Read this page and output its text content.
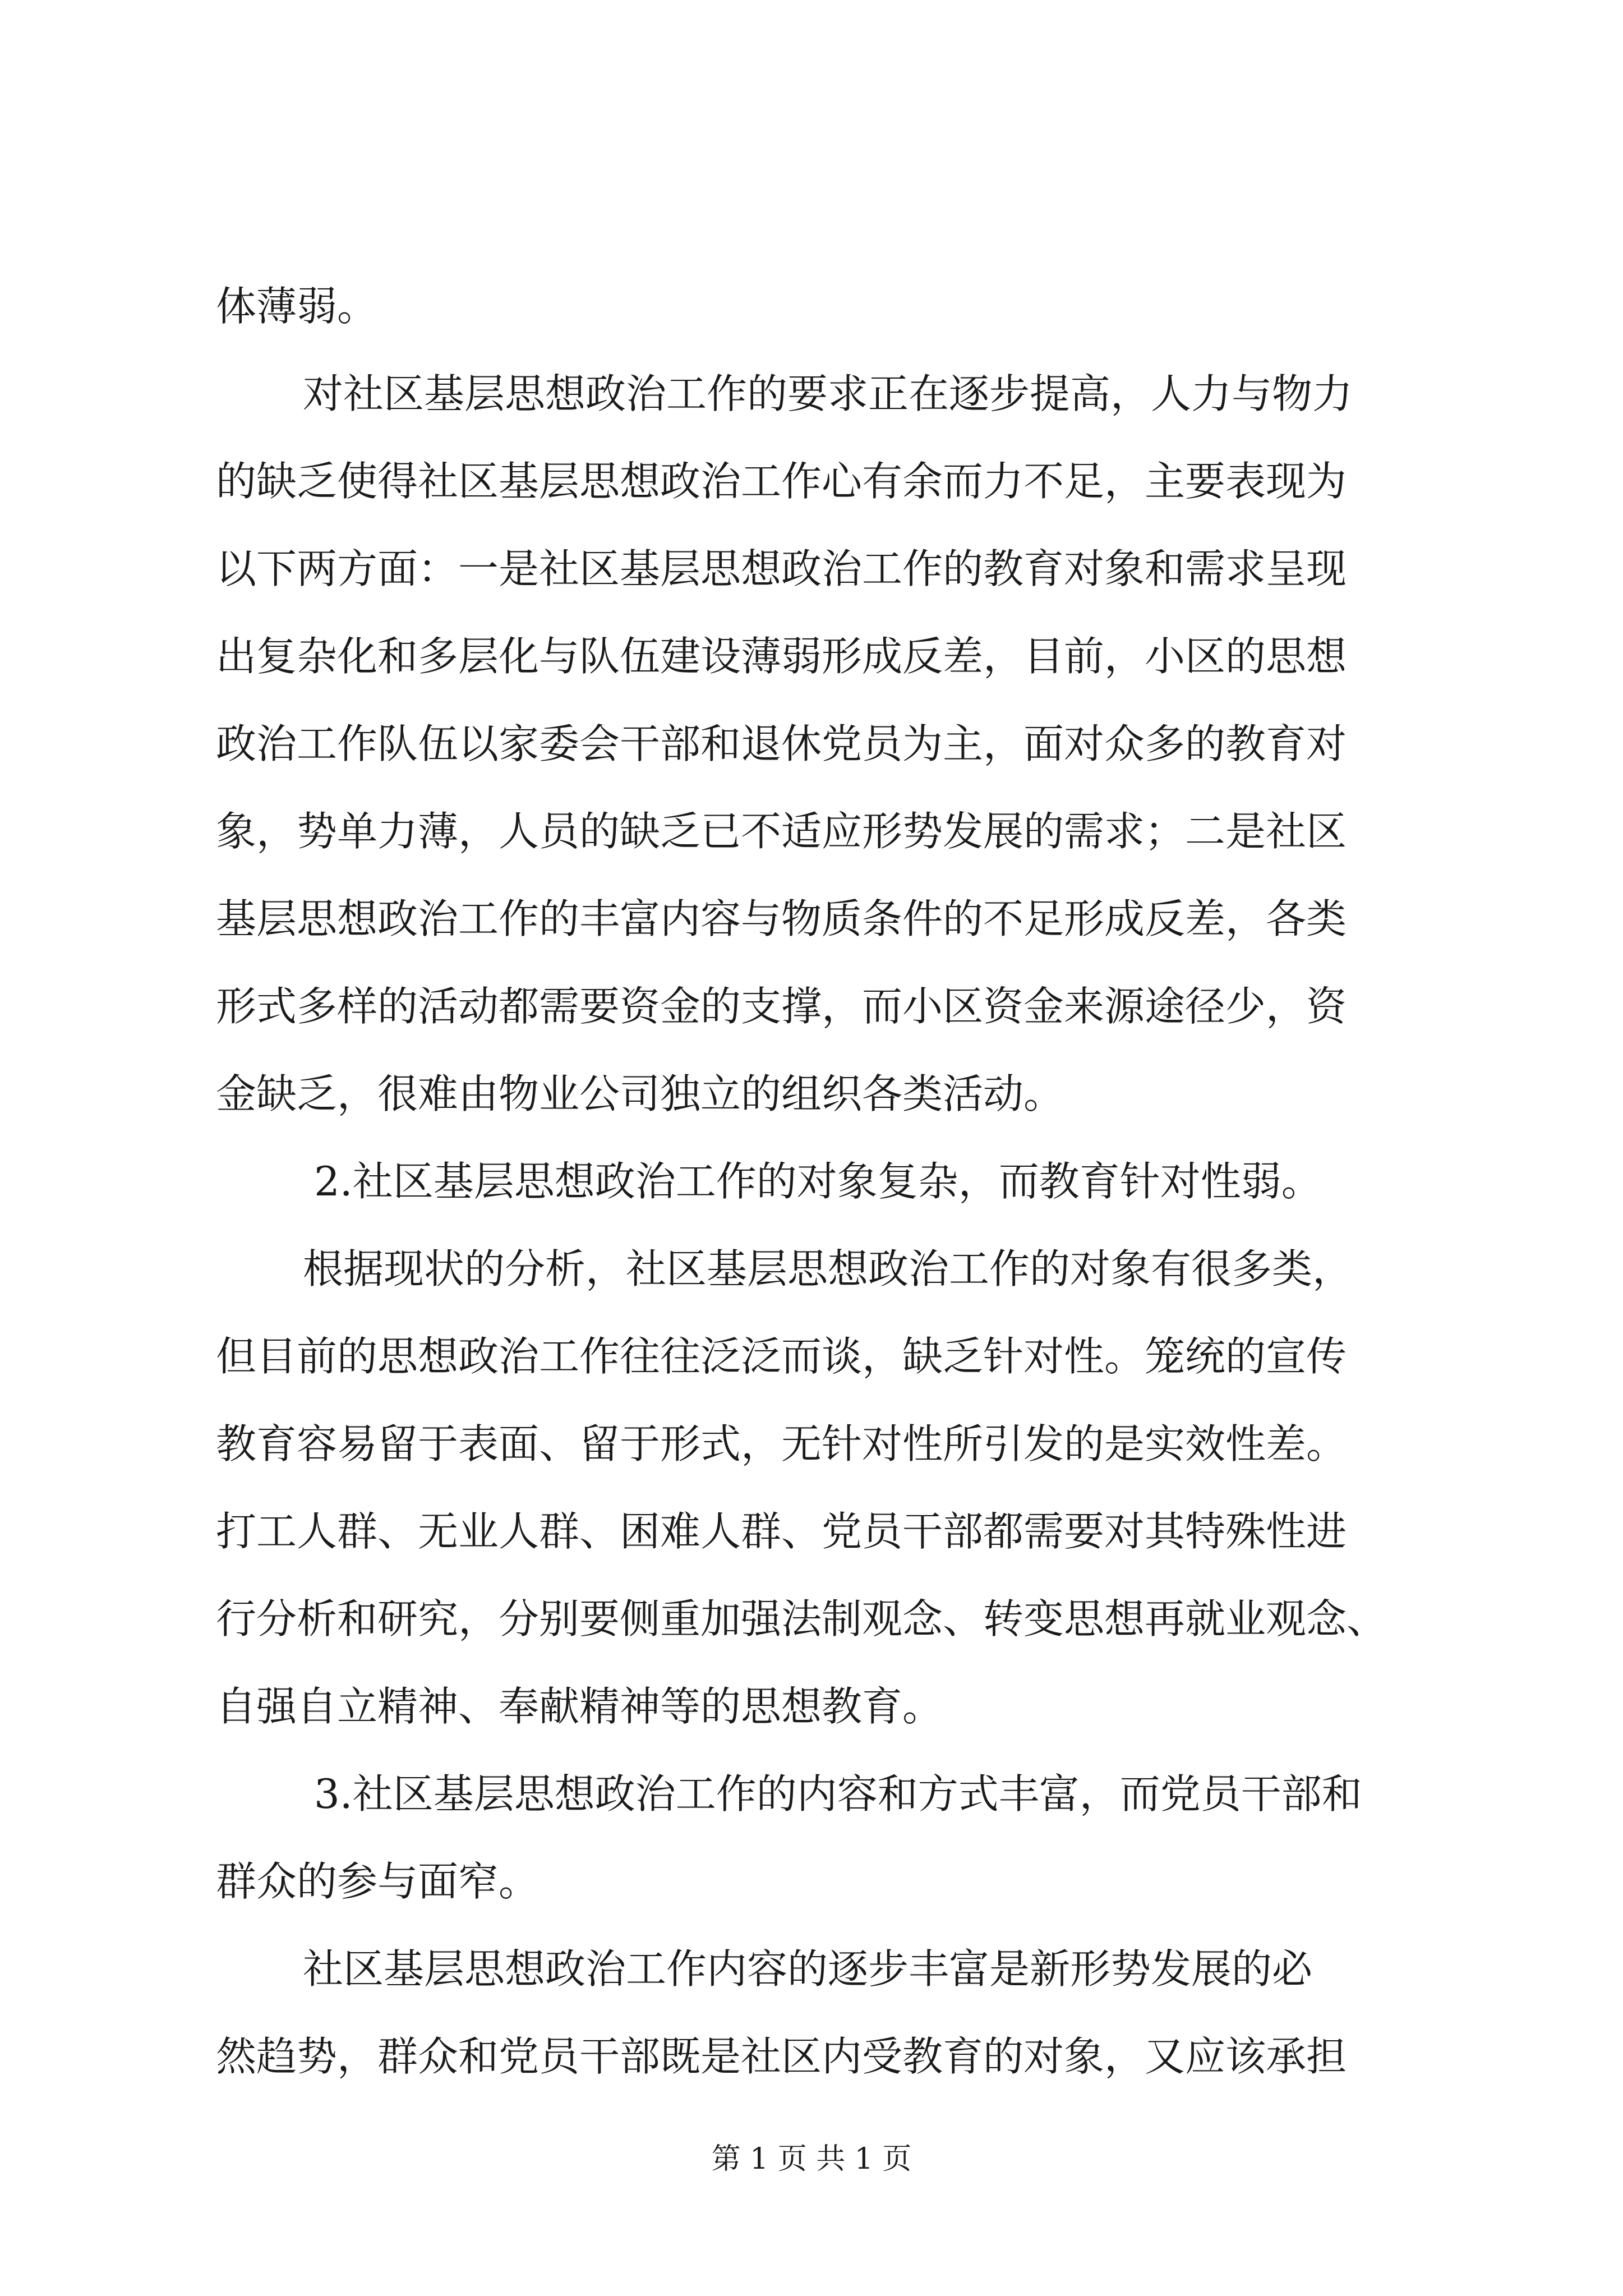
体薄弱。
对社区基层思想政治工作的要求正在逐步提高，人力与物力
的缺乏使得社区基层思想政治工作心有余而力不足，主要表现为
以下两方面：一是社区基层思想政治工作的教育对象和需求呈现
出复杂化和多层化与队伍建设薄弱形成反差，目前，小区的思想
政治工作队伍以家委会干部和退休党员为主，面对众多的教育对
象，势单力薄，人员的缺乏已不适应形势发展的需求；二是社区
基层思想政治工作的丰富内容与物质条件的不足形成反差，各类
形式多样的活动都需要资金的支撑，而小区资金来源途径少，资
金缺乏，很难由物业公司独立的组织各类活动。
2.社区基层思想政治工作的对象复杂，而教育针对性弱。
根据现状的分析，社区基层思想政治工作的对象有很多类，
但目前的思想政治工作往往泛泛而谈，缺乏针对性。笼统的宣传
教育容易留于表面、留于形式，无针对性所引发的是实效性差。
打工人群、无业人群、困难人群、党员干部都需要对其特殊性进
行分析和研究，分别要侧重加强法制观念、转变思想再就业观念、
自强自立精神、奉献精神等的思想教育。
3.社区基层思想政治工作的内容和方式丰富，而党员干部和
群众的参与面窄。
社区基层思想政治工作内容的逐步丰富是新形势发展的必
然趋势，群众和党员干部既是社区内受教育的对象，又应该承担
第 1 页 共 1 页
